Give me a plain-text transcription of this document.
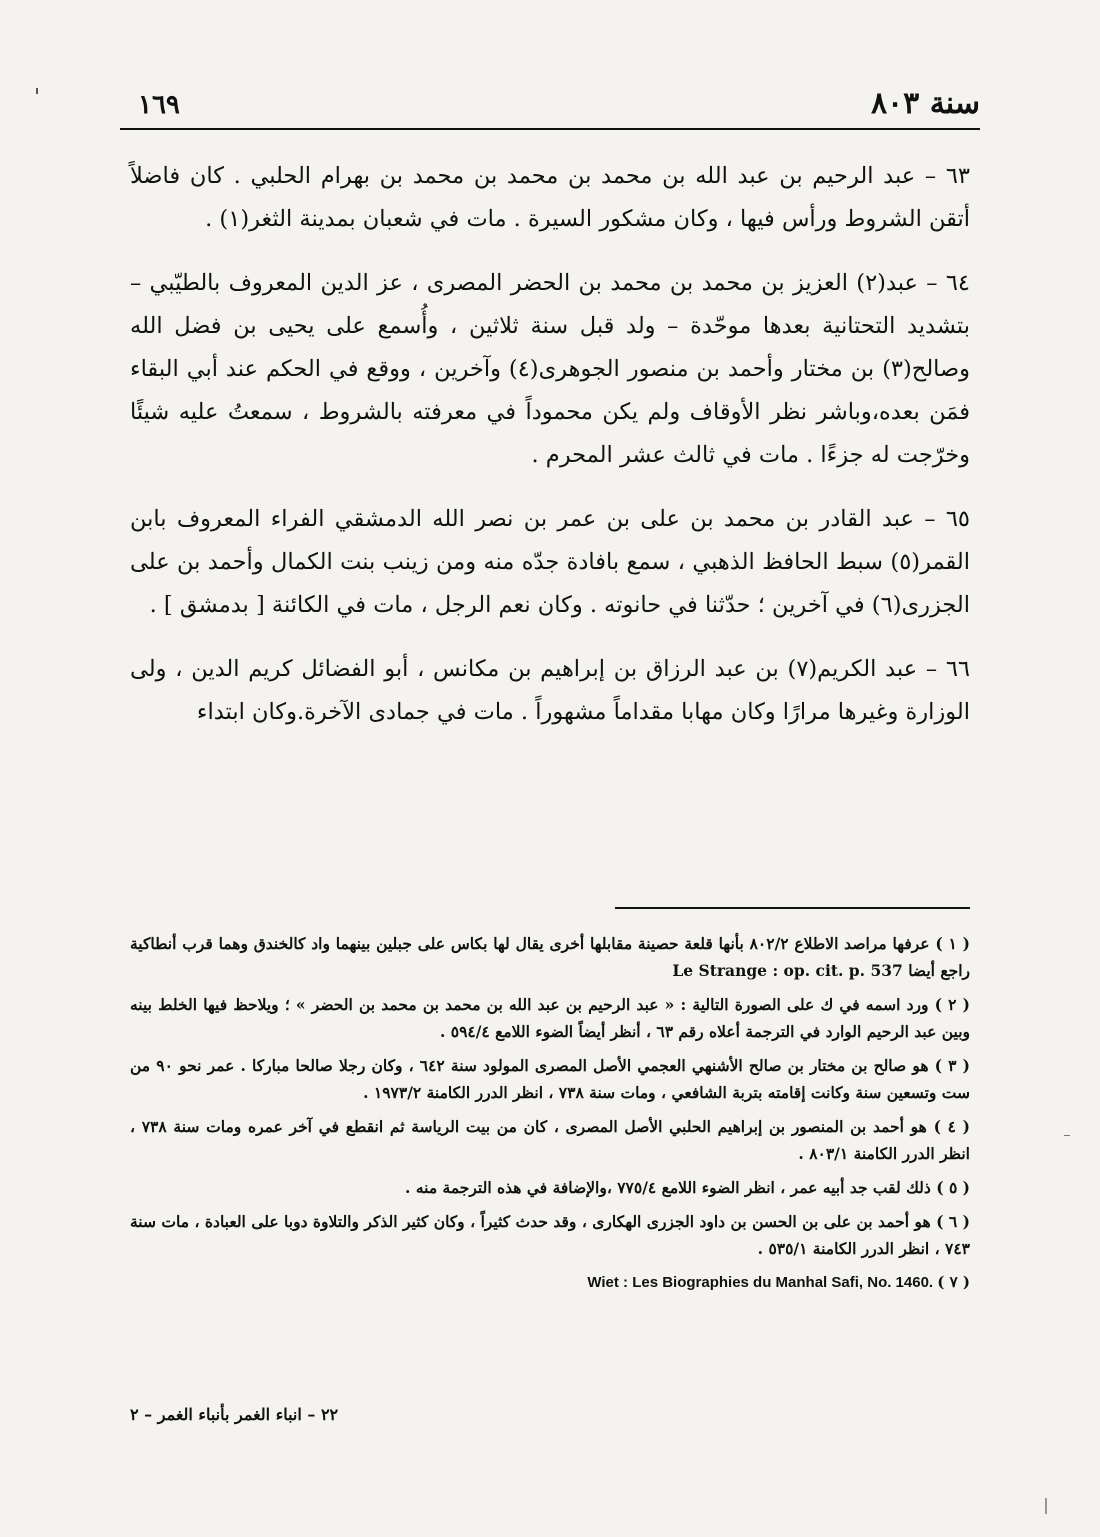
سنة ٨٠٣
١٦٩

٦٣ – عبد الرحيم بن عبد الله بن محمد بن محمد بن محمد بن بهرام الحلبي . كان فاضلاً أتقن الشروط ورأس فيها ، وكان مشكور السيرة . مات في شعبان بمدينة الثغر(١) .

٦٤ – عبد(٢) العزيز بن محمد بن محمد بن الحضر المصرى ، عز الدين المعروف بالطيّبي – بتشديد التحتانية بعدها موحّدة – ولد قبل سنة ثلاثين ، وأُسمع على يحيى بن فضل الله وصالح(٣) بن مختار وأحمد بن منصور الجوهرى(٤) وآخرين ، ووقع في الحكم عند أبي البقاء فمَن بعده،وباشر نظر الأوقاف ولم يكن محموداً في معرفته بالشروط ، سمعتُ عليه شيئًا وخرّجت له جزءًا . مات في ثالث عشر المحرم .

٦٥ – عبد القادر بن محمد بن على بن عمر بن نصر الله الدمشقي الفراء المعروف بابن القمر(٥) سبط الحافظ الذهبي ، سمع بافادة جدّه منه ومن زينب بنت الكمال وأحمد بن على الجزرى(٦) في آخرين ؛ حدّثنا في حانوته . وكان نعم الرجل ، مات في الكائنة [ بدمشق ] .

٦٦ – عبد الكريم(٧) بن عبد الرزاق بن إبراهيم بن مكانس ، أبو الفضائل كريم الدين ، ولى الوزارة وغيرها مرارًا وكان مهابا مقداماً مشهوراً . مات في جمادى الآخرة.وكان ابتداء

( ١ ) عرفها مراصد الاطلاع ٨٠٢/٢ بأنها قلعة حصينة مقابلها أخرى يقال لها بكاس على جبلين بينهما واد كالخندق وهما قرب أنطاكية راجع أيضا Le Strange : op. cit. p. 537

( ٢ ) ورد اسمه في ك على الصورة التالية : « عبد الرحيم بن عبد الله بن محمد بن محمد بن الحضر » ؛ ويلاحظ فيها الخلط بينه وبين عبد الرحيم الوارد في الترجمة أعلاه رقم ٦٣ ، أنظر أيضاً الضوء اللامع ٥٩٤/٤ .

( ٣ ) هو صالح بن مختار بن صالح الأشنهي العجمي الأصل المصرى المولود سنة ٦٤٢ ، وكان رجلا صالحا مباركا . عمر نحو ٩٠ من ست وتسعين سنة وكانت إقامته بتربة الشافعي ، ومات سنة ٧٣٨ ، انظر الدرر الكامنة ١٩٧٣/٢ .

( ٤ ) هو أحمد بن المنصور بن إبراهيم الحلبي الأصل المصرى ، كان من بيت الرياسة ثم انقطع في آخر عمره ومات سنة ٧٣٨ ، انظر الدرر الكامنة ٨٠٣/١ .

( ٥ ) ذلك لقب جد أبيه عمر ، انظر الضوء اللامع ٧٧٥/٤ ،والإضافة في هذه الترجمة منه .

( ٦ ) هو أحمد بن على بن الحسن بن داود الجزرى الهكارى ، وقد حدث كثيراً ، وكان كثير الذكر والتلاوة دوبا على العبادة ، مات سنة ٧٤٣ ، انظر الدرر الكامنة ٥٣٥/١ .

Wiet : Les Biographies du Manhal Safi, No. 1460. ( ٧ )

٢٢ – انباء الغمر بأنباء الغمر – ٢
